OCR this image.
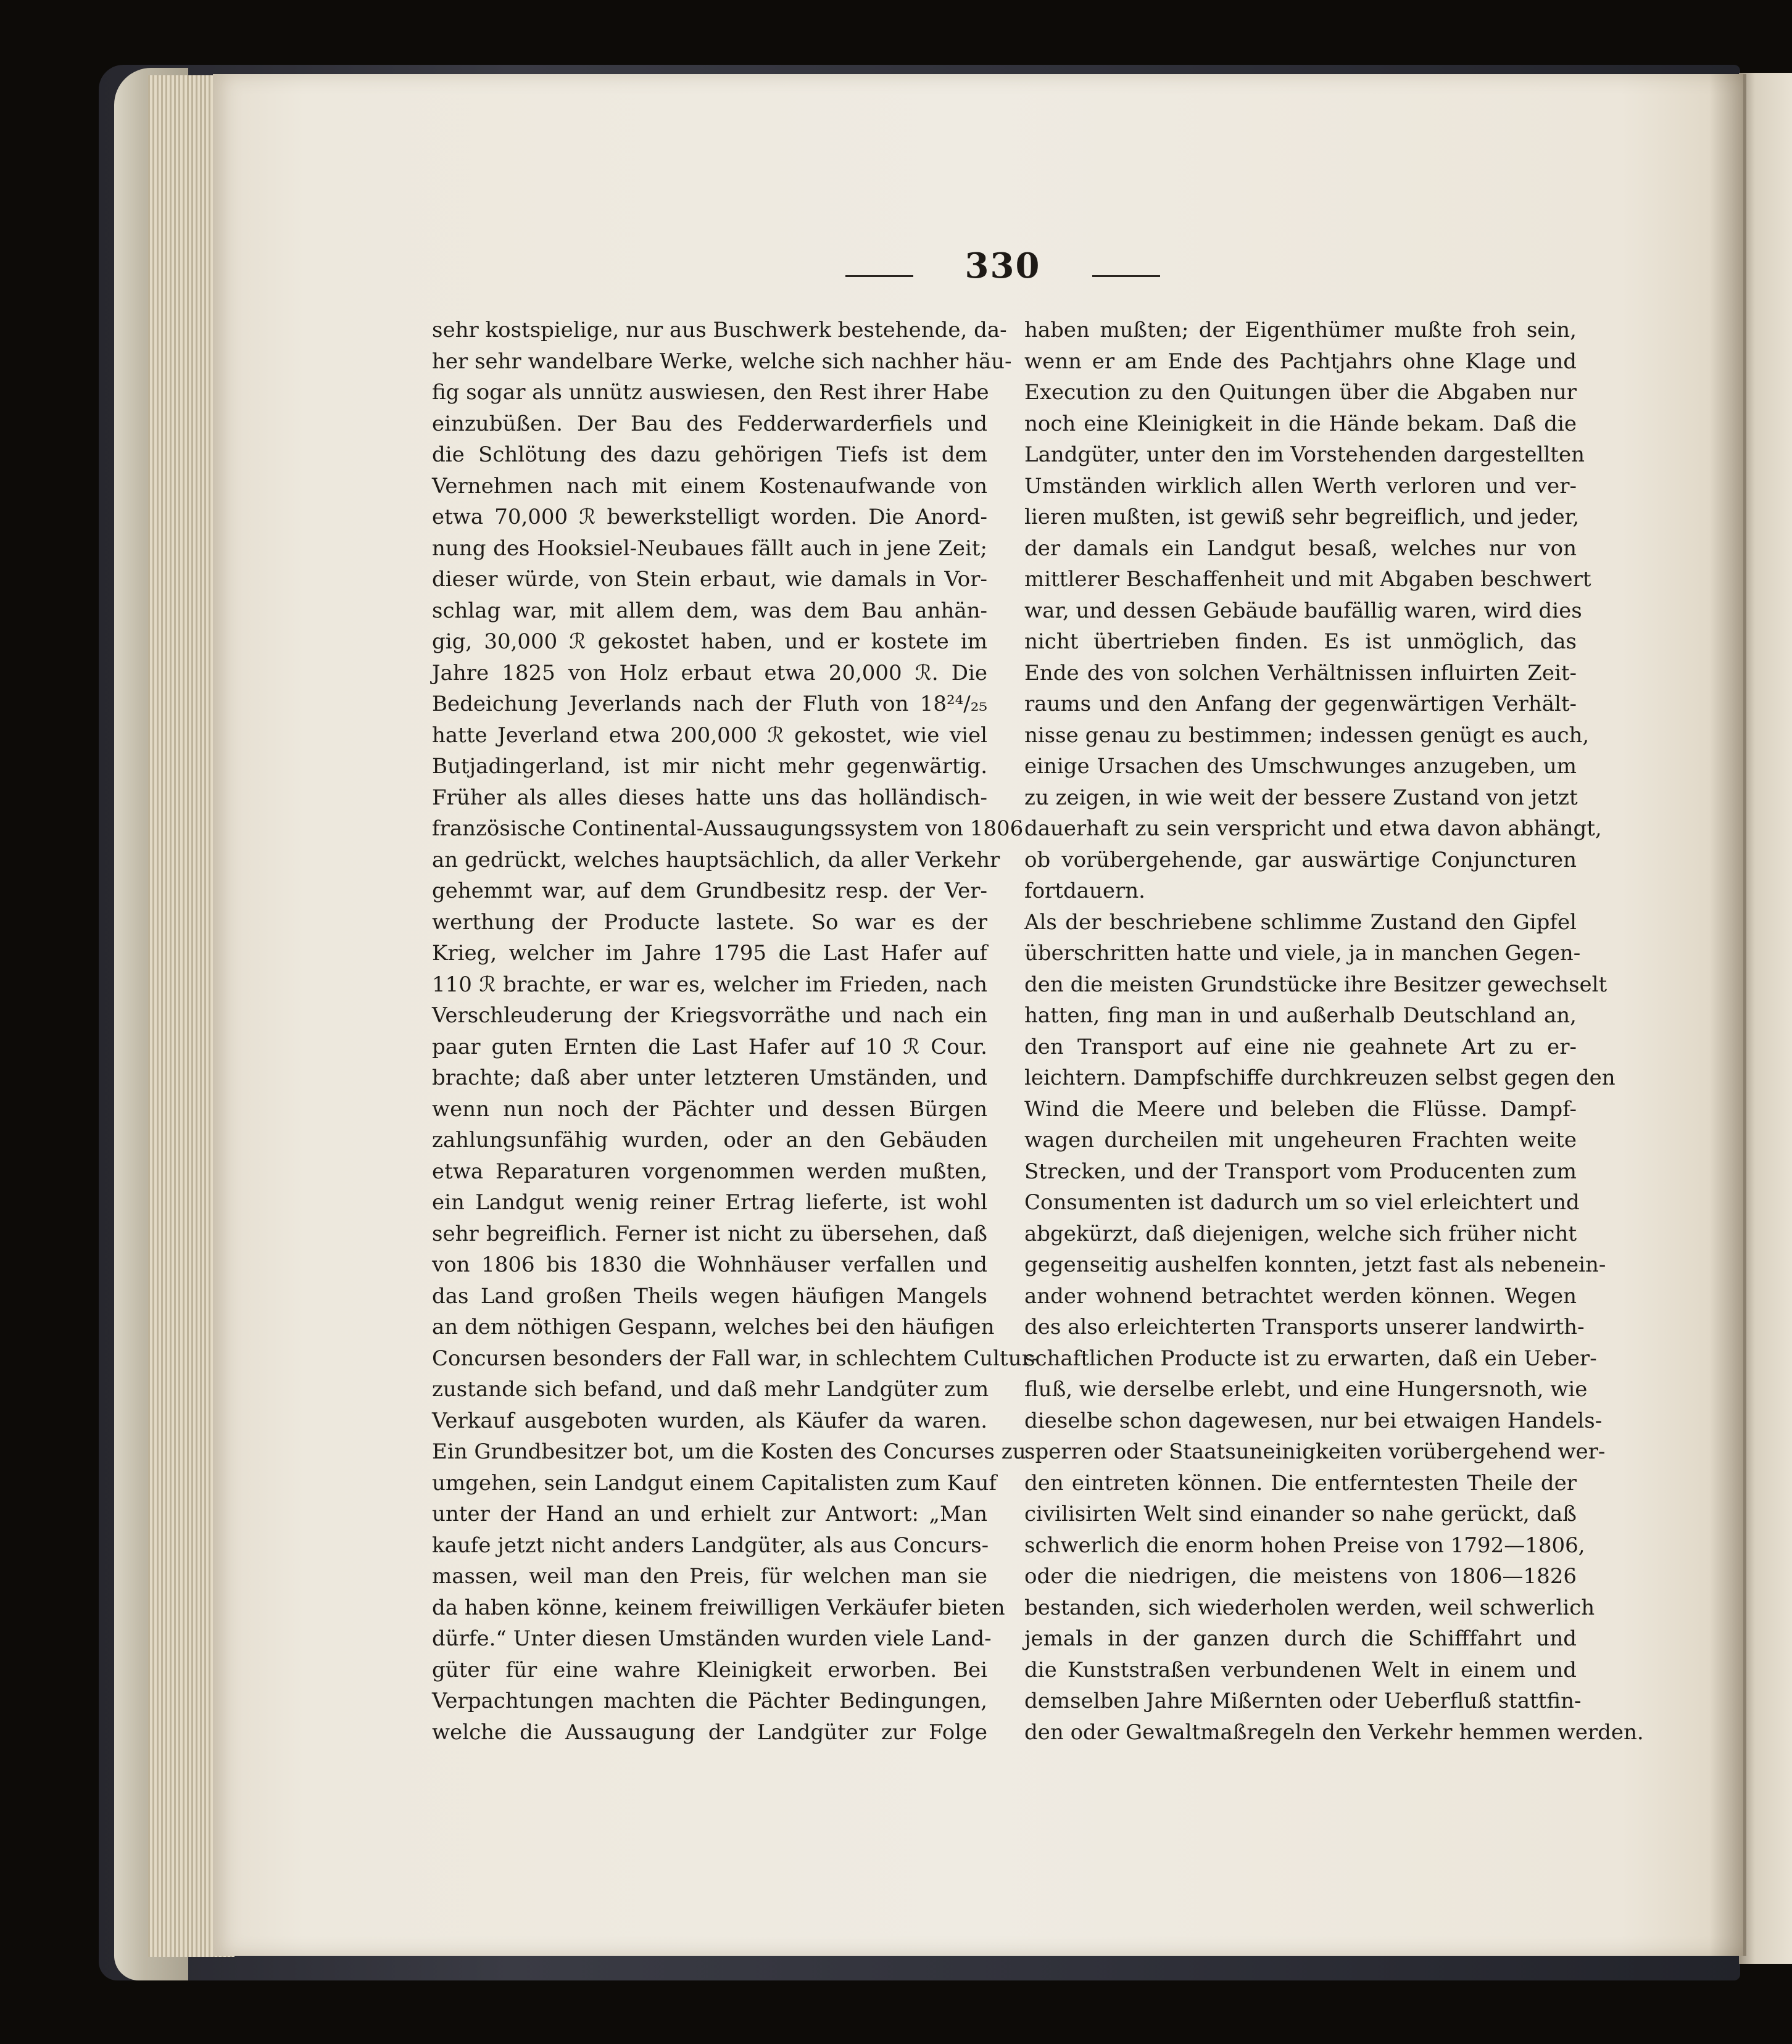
330
sehr kostspielige, nur aus Buschwerk bestehende, da-
her sehr wandelbare Werke, welche sich nachher häu-
fig sogar als unnütz auswiesen, den Rest ihrer Habe
einzubüßen. Der Bau des Fedderwarderfiels und
die Schlötung des dazu gehörigen Tiefs ist dem
Vernehmen nach mit einem Kostenaufwande von
etwa 70,000 ℛ bewerkstelligt worden. Die Anord-
nung des Hooksiel-Neubaues fällt auch in jene Zeit;
dieser würde, von Stein erbaut, wie damals in Vor-
schlag war, mit allem dem, was dem Bau anhän-
gig, 30,000 ℛ gekostet haben, und er kostete im
Jahre 1825 von Holz erbaut etwa 20,000 ℛ. Die
Bedeichung Jeverlands nach der Fluth von 18²⁴/₂₅
hatte Jeverland etwa 200,000 ℛ gekostet, wie viel
Butjadingerland, ist mir nicht mehr gegenwärtig.
Früher als alles dieses hatte uns das holländisch-
französische Continental-Aussaugungssystem von 1806
an gedrückt, welches hauptsächlich, da aller Verkehr
gehemmt war, auf dem Grundbesitz resp. der Ver-
werthung der Producte lastete. So war es der
Krieg, welcher im Jahre 1795 die Last Hafer auf
110 ℛ brachte, er war es, welcher im Frieden, nach
Verschleuderung der Kriegsvorräthe und nach ein
paar guten Ernten die Last Hafer auf 10 ℛ Cour.
brachte; daß aber unter letzteren Umständen, und
wenn nun noch der Pächter und dessen Bürgen
zahlungsunfähig wurden, oder an den Gebäuden
etwa Reparaturen vorgenommen werden mußten,
ein Landgut wenig reiner Ertrag lieferte, ist wohl
sehr begreiflich. Ferner ist nicht zu übersehen, daß
von 1806 bis 1830 die Wohnhäuser verfallen und
das Land großen Theils wegen häufigen Mangels
an dem nöthigen Gespann, welches bei den häufigen
Concursen besonders der Fall war, in schlechtem Cultur-
zustande sich befand, und daß mehr Landgüter zum
Verkauf ausgeboten wurden, als Käufer da waren.
Ein Grundbesitzer bot, um die Kosten des Concurses zu
umgehen, sein Landgut einem Capitalisten zum Kauf
unter der Hand an und erhielt zur Antwort: „Man
kaufe jetzt nicht anders Landgüter, als aus Concurs-
massen, weil man den Preis, für welchen man sie
da haben könne, keinem freiwilligen Verkäufer bieten
dürfe.“ Unter diesen Umständen wurden viele Land-
güter für eine wahre Kleinigkeit erworben. Bei
Verpachtungen machten die Pächter Bedingungen,
welche die Aussaugung der Landgüter zur Folge
haben mußten; der Eigenthümer mußte froh sein,
wenn er am Ende des Pachtjahrs ohne Klage und
Execution zu den Quitungen über die Abgaben nur
noch eine Kleinigkeit in die Hände bekam. Daß die
Landgüter, unter den im Vorstehenden dargestellten
Umständen wirklich allen Werth verloren und ver-
lieren mußten, ist gewiß sehr begreiflich, und jeder,
der damals ein Landgut besaß, welches nur von
mittlerer Beschaffenheit und mit Abgaben beschwert
war, und dessen Gebäude baufällig waren, wird dies
nicht übertrieben finden. Es ist unmöglich, das
Ende des von solchen Verhältnissen influirten Zeit-
raums und den Anfang der gegenwärtigen Verhält-
nisse genau zu bestimmen; indessen genügt es auch,
einige Ursachen des Umschwunges anzugeben, um
zu zeigen, in wie weit der bessere Zustand von jetzt
dauerhaft zu sein verspricht und etwa davon abhängt,
ob vorübergehende, gar auswärtige Conjuncturen
fortdauern.
Als der beschriebene schlimme Zustand den Gipfel
überschritten hatte und viele, ja in manchen Gegen-
den die meisten Grundstücke ihre Besitzer gewechselt
hatten, fing man in und außerhalb Deutschland an,
den Transport auf eine nie geahnete Art zu er-
leichtern. Dampfschiffe durchkreuzen selbst gegen den
Wind die Meere und beleben die Flüsse. Dampf-
wagen durcheilen mit ungeheuren Frachten weite
Strecken, und der Transport vom Producenten zum
Consumenten ist dadurch um so viel erleichtert und
abgekürzt, daß diejenigen, welche sich früher nicht
gegenseitig aushelfen konnten, jetzt fast als nebenein-
ander wohnend betrachtet werden können. Wegen
des also erleichterten Transports unserer landwirth-
schaftlichen Producte ist zu erwarten, daß ein Ueber-
fluß, wie derselbe erlebt, und eine Hungersnoth, wie
dieselbe schon dagewesen, nur bei etwaigen Handels-
sperren oder Staatsuneinigkeiten vorübergehend wer-
den eintreten können. Die entferntesten Theile der
civilisirten Welt sind einander so nahe gerückt, daß
schwerlich die enorm hohen Preise von 1792—1806,
oder die niedrigen, die meistens von 1806—1826
bestanden, sich wiederholen werden, weil schwerlich
jemals in der ganzen durch die Schifffahrt und
die Kunststraßen verbundenen Welt in einem und
demselben Jahre Mißernten oder Ueberfluß stattfin-
den oder Gewaltmaßregeln den Verkehr hemmen werden.
